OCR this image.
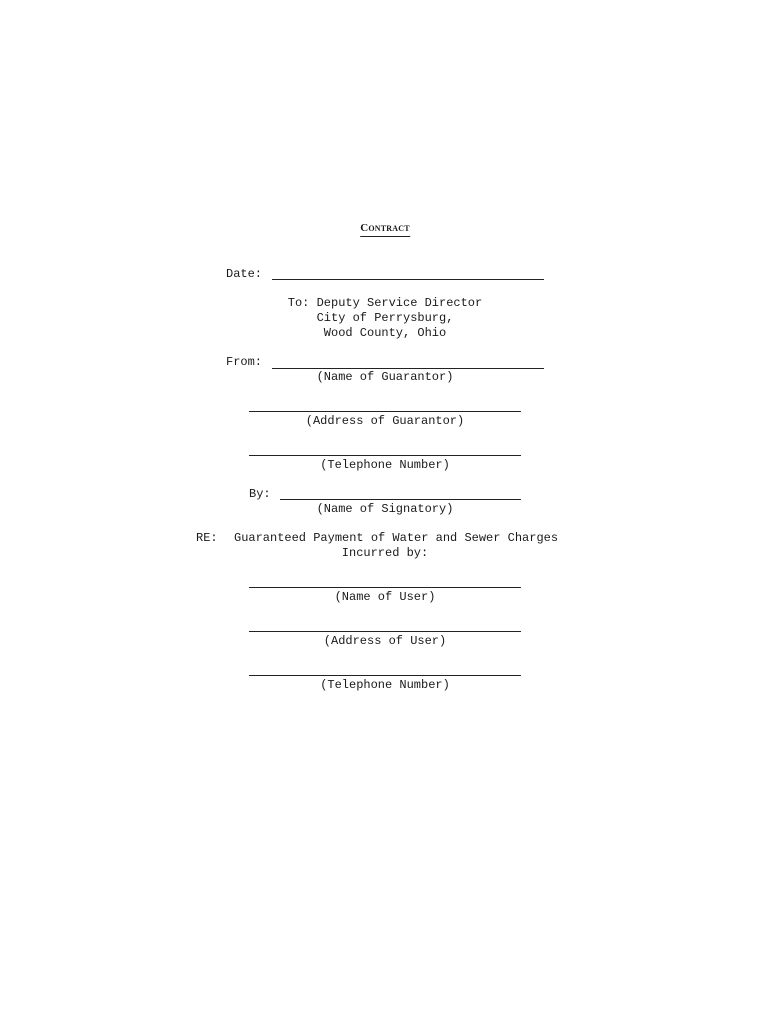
Contract
Date:
To: Deputy Service Director
City of Perrysburg,
Wood County, Ohio
From:
(Name of Guarantor)
(Address of Guarantor)
(Telephone Number)
By:
(Name of Signatory)
RE: Guaranteed Payment of Water and Sewer Charges
Incurred by:
(Name of User)
(Address of User)
(Telephone Number)
